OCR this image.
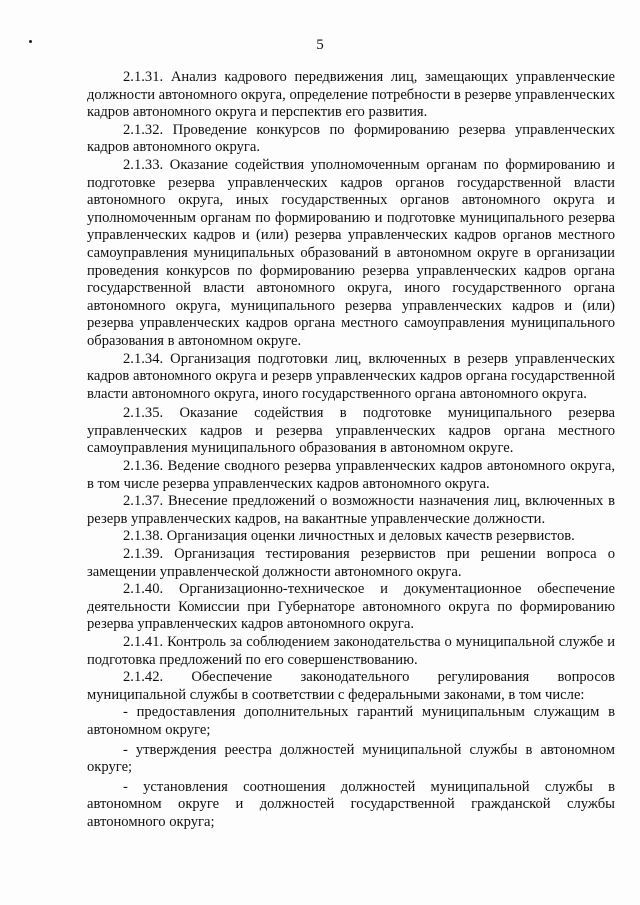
5

2.1.31. Анализ кадрового передвижения лиц, замещающих управленческие должности автономного округа, определение потребности в резерве управленческих кадров автономного округа и перспектив его развития.

2.1.32. Проведение конкурсов по формированию резерва управленческих кадров автономного округа.

2.1.33. Оказание содействия уполномоченным органам по формированию и подготовке резерва управленческих кадров органов государственной власти автономного округа, иных государственных органов автономного округа и уполномоченным органам по формированию и подготовке муниципального резерва управленческих кадров и (или) резерва управленческих кадров органов местного самоуправления муниципальных образований в автономном округе в организации проведения конкурсов по формированию резерва управленческих кадров органа государственной власти автономного округа, иного государственного органа автономного округа, муниципального резерва управленческих кадров и (или) резерва управленческих кадров органа местного самоуправления муниципального образования в автономном округе.

2.1.34. Организация подготовки лиц, включенных в резерв управленческих кадров автономного округа и резерв управленческих кадров органа государственной власти автономного округа, иного государственного органа автономного округа.

2.1.35. Оказание содействия в подготовке муниципального резерва управленческих кадров и резерва управленческих кадров органа местного самоуправления муниципального образования в автономном округе.

2.1.36. Ведение сводного резерва управленческих кадров автономного округа, в том числе резерва управленческих кадров автономного округа.

2.1.37. Внесение предложений о возможности назначения лиц, включенных в резерв управленческих кадров, на вакантные управленческие должности.

2.1.38. Организация оценки личностных и деловых качеств резервистов.

2.1.39. Организация тестирования резервистов при решении вопроса о замещении управленческой должности автономного округа.

2.1.40. Организационно-техническое и документационное обеспечение деятельности Комиссии при Губернаторе автономного округа по формированию резерва управленческих кадров автономного округа.

2.1.41. Контроль за соблюдением законодательства о муниципальной службе и подготовка предложений по его совершенствованию.

2.1.42. Обеспечение законодательного регулирования вопросов муниципальной службы в соответствии с федеральными законами, в том числе:

- предоставления дополнительных гарантий муниципальным служащим в автономном округе;

- утверждения реестра должностей муниципальной службы в автономном округе;

- установления соотношения должностей муниципальной службы в автономном округе и должностей государственной гражданской службы автономного округа;
